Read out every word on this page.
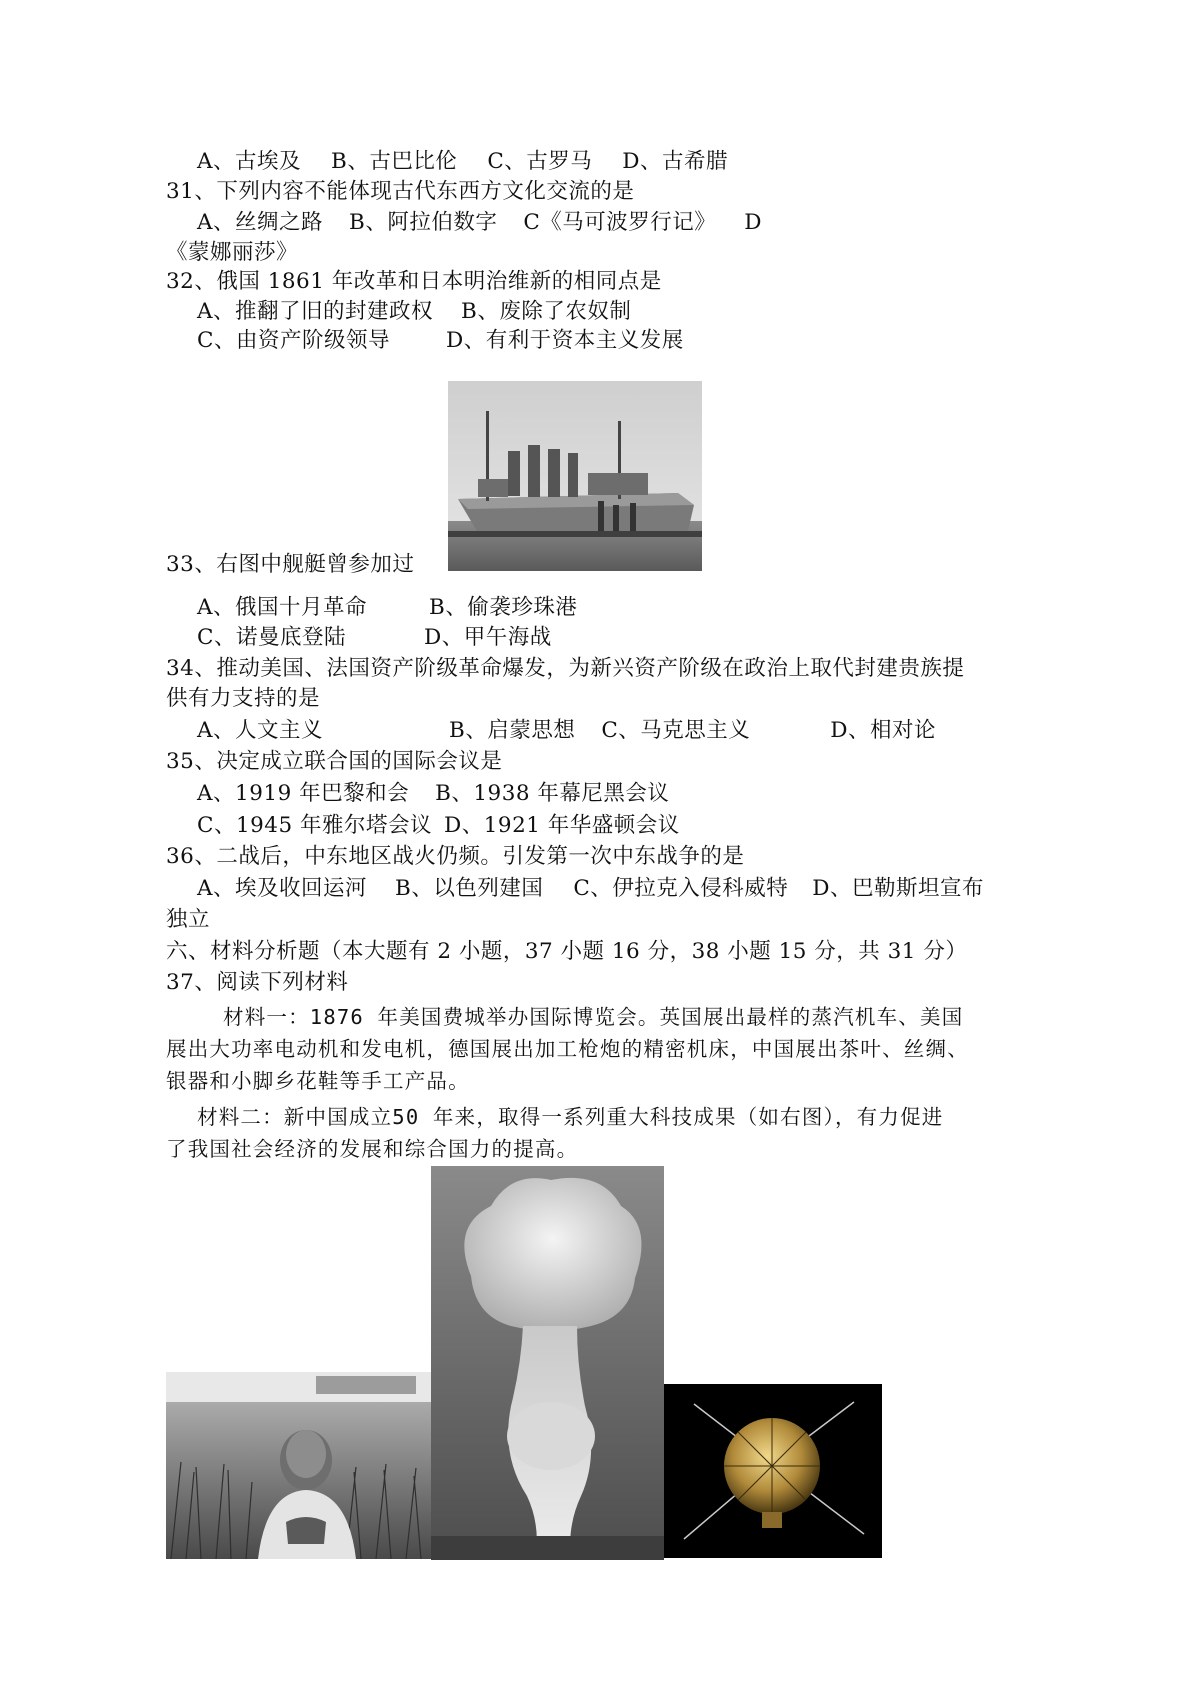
A、古埃及 B、古巴比伦 C、古罗马 D、古希腊
31、下列内容不能体现古代东西方文化交流的是
A、丝绸之路 B、阿拉伯数字 C《马可波罗行记》 D
《蒙娜丽莎》
32、俄国 1861 年改革和日本明治维新的相同点是
A、推翻了旧的封建政权 B、废除了农奴制
C、由资产阶级领导	D、有利于资本主义发展
33、右图中舰艇曾参加过
A、俄国十月革命	B、偷袭珍珠港
C、诺曼底登陆	D、甲午海战
34、推动美国、法国资产阶级革命爆发，为新兴资产阶级在政治上取代封建贵族提
供有力支持的是
A、人文主义	B、启蒙思想 C、马克思主义	D、相对论
35、决定成立联合国的国际会议是
A、1919 年巴黎和会 B、1938 年幕尼黑会议
C、1945 年雅尔塔会议 D、1921 年华盛顿会议
36、二战后，中东地区战火仍频。引发第一次中东战争的是
A、埃及收回运河 B、以色列建国 C、伊拉克入侵科威特 D、巴勒斯坦宣布
独立
六、材料分析题（本大题有 2 小题，37 小题 16 分，38 小题 15 分，共 31 分）
37、阅读下列材料
材料一：1876 年美国费城举办国际博览会。英国展出最样的蒸汽机车、美国
展出大功率电动机和发电机，德国展出加工枪炮的精密机床，中国展出茶叶、丝绸、
银器和小脚乡花鞋等手工产品。
材料二：新中国成立50 年来，取得一系列重大科技成果（如右图），有力促进
了我国社会经济的发展和综合国力的提高。
